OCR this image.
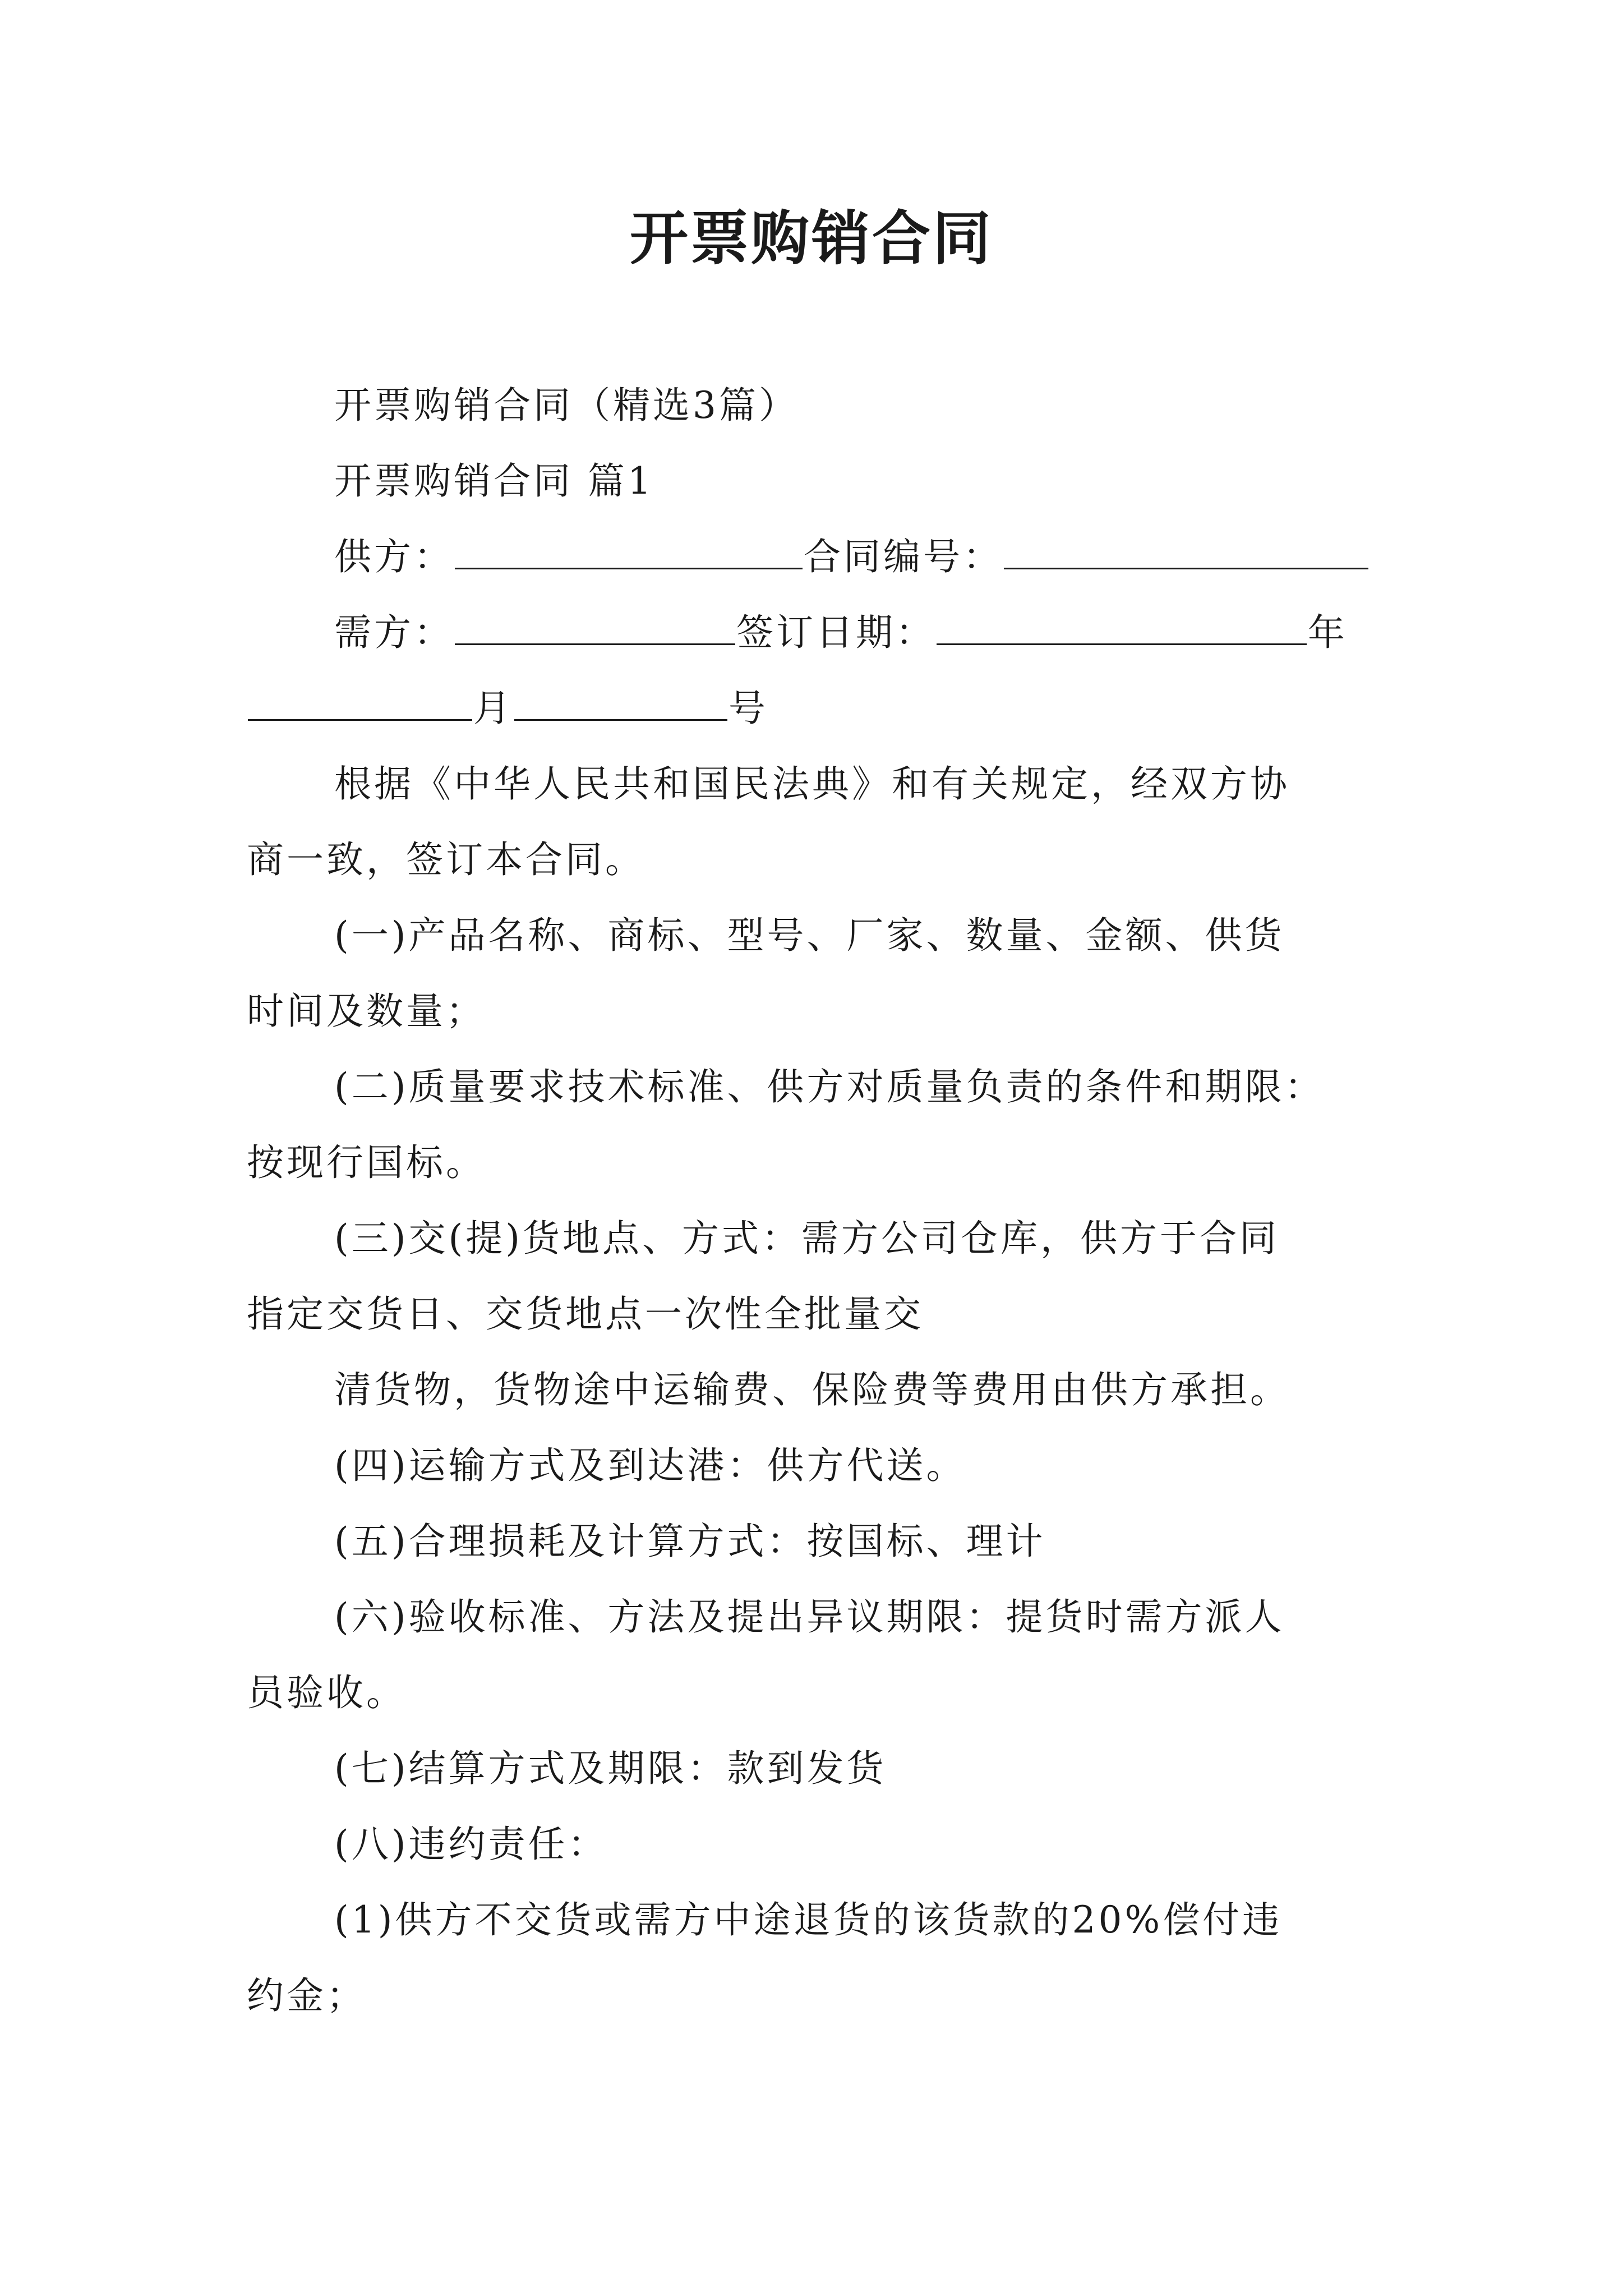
开票购销合同

开票购销合同（精选3篇）

开票购销合同 篇1

供方：	合同编号：

需方：	签订日期：	年

月	号

根据《中华人民共和国民法典》和有关规定，经双方协

商一致，签订本合同。

(一)产品名称、商标、型号、厂家、数量、金额、供货

时间及数量；

(二)质量要求技术标准、供方对质量负责的条件和期限：

按现行国标。

(三)交(提)货地点、方式：需方公司仓库，供方于合同

指定交货日、交货地点一次性全批量交

清货物，货物途中运输费、保险费等费用由供方承担。

(四)运输方式及到达港：供方代送。

(五)合理损耗及计算方式：按国标、理计

(六)验收标准、方法及提出异议期限：提货时需方派人

员验收。

(七)结算方式及期限：款到发货

(八)违约责任：

(1)供方不交货或需方中途退货的该货款的20%偿付违

约金；
